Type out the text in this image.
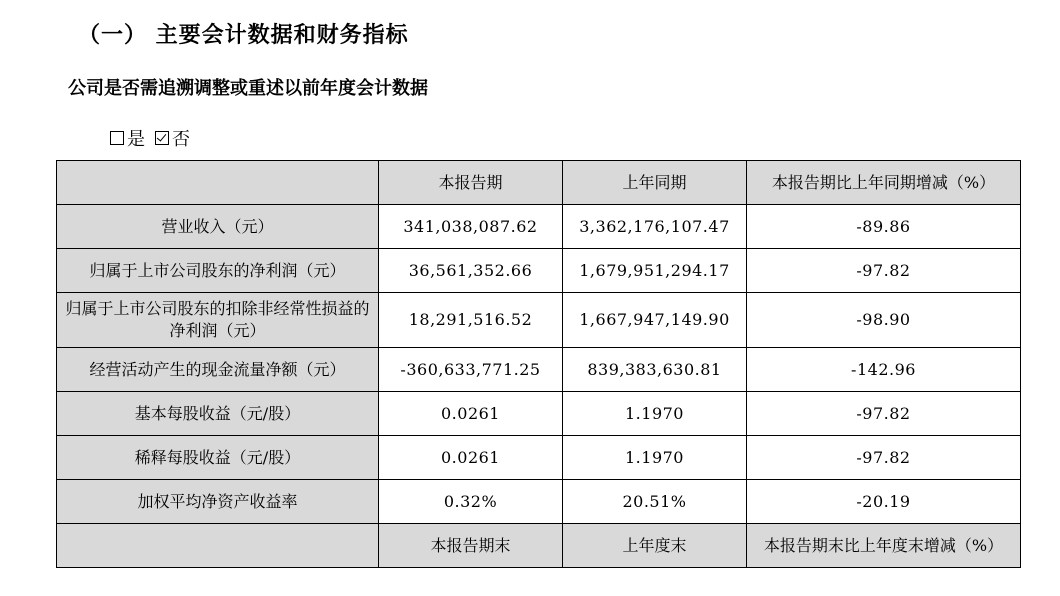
（一） 主要会计数据和财务指标
公司是否需追溯调整或重述以前年度会计数据
是 否
	本报告期	上年同期	本报告期比上年同期增减（%）
营业收入（元）	341,038,087.62	3,362,176,107.47	-89.86
归属于上市公司股东的净利润（元）	36,561,352.66	1,679,951,294.17	-97.82
归属于上市公司股东的扣除非经常性损益的净利润（元）	18,291,516.52	1,667,947,149.90	-98.90
经营活动产生的现金流量净额（元）	-360,633,771.25	839,383,630.81	-142.96
基本每股收益（元/股）	0.0261	1.1970	-97.82
稀释每股收益（元/股）	0.0261	1.1970	-97.82
加权平均净资产收益率	0.32%	20.51%	-20.19
	本报告期末	上年度末	本报告期末比上年度末增减（%）
